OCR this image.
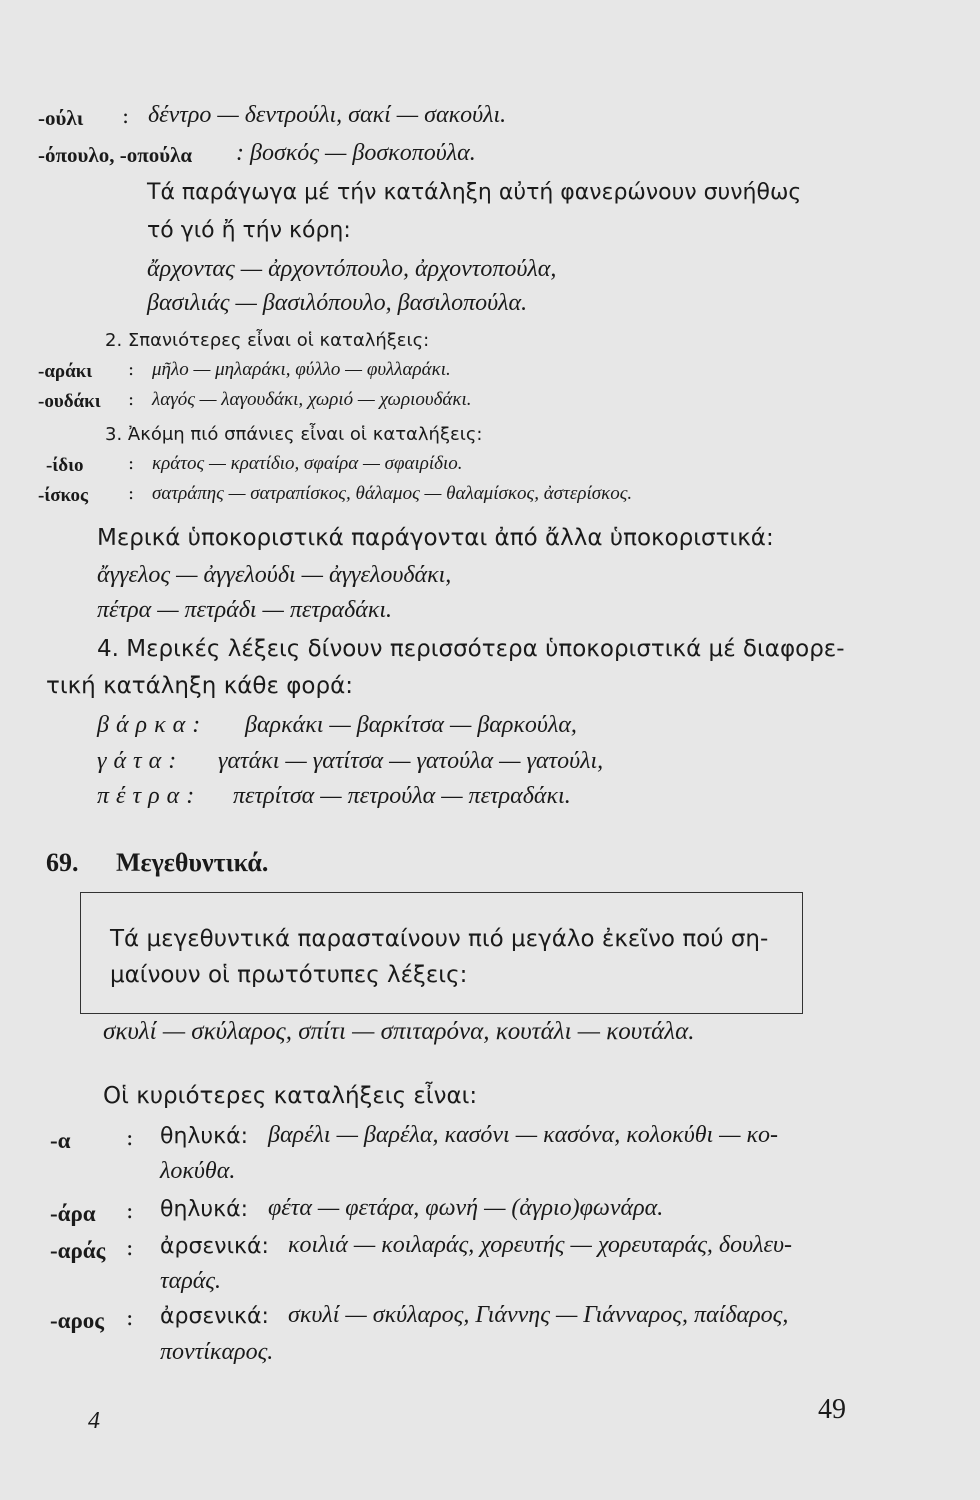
-ούλι : δέντρο — δεντρούλι, σακί — σακούλι.
-όπουλο, -οπούλα : βοσκός — βοσκοπούλα.
Τά παράγωγα μέ τήν κατάληξη αὐτή φανερώνουν συνήθως
τό γιό ἤ τήν κόρη:
ἄρχοντας — ἀρχοντόπουλο, ἀρχοντοπούλα,
βασιλιάς — βασιλόπουλο, βασιλοπούλα.
2. Σπανιότερες εἶναι οἱ καταλήξεις:
-αράκι : μῆλο — μηλαράκι, φύλλο — φυλλαράκι.
-ουδάκι : λαγός — λαγουδάκι, χωριό — χωριουδάκι.
3. Ἀκόμη πιό σπάνιες εἶναι οἱ καταλήξεις:
-ίδιο : κράτος — κρατίδιο, σφαίρα — σφαιρίδιο.
-ίσκος : σατράπης — σατραπίσκος, θάλαμος — θαλαμίσκος, ἀστερίσκος.
Μερικά ὑποκοριστικά παράγονται ἀπό ἄλλα ὑποκοριστικά:
ἄγγελος — ἀγγελούδι — ἀγγελουδάκι,
πέτρα — πετράδι — πετραδάκι.
4. Μερικές λέξεις δίνουν περισσότερα ὑποκοριστικά μέ διαφορε-
τική κατάληξη κάθε φορά:
βάρκα: βαρκάκι — βαρκίτσα — βαρκούλα,
γάτα: γατάκι — γατίτσα — γατούλα — γατούλι,
πέτρα: πετρίτσα — πετρούλα — πετραδάκι.
69. Μεγεθυντικά.
Τά μεγεθυντικά παρασταίνουν πιό μεγάλο ἐκεῖνο πού ση-
μαίνουν οἱ πρωτότυπες λέξεις:
σκυλί — σκύλαρος, σπίτι — σπιταρόνα, κουτάλι — κουτάλα.
Οἱ κυριότερες καταλήξεις εἶναι:
-α	: θηλυκά: βαρέλι — βαρέλα, κασόνι — κασόνα, κολοκύθι — κο-
λοκύθα.
-άρα : θηλυκά: φέτα — φετάρα, φωνή — (ἀγριο)φωνάρα.
-αράς : ἀρσενικά: κοιλιά — κοιλαράς, χορευτής — χορευταράς, δουλευ-
ταράς.
-αρος : ἀρσενικά: σκυλί — σκύλαρος, Γιάννης — Γιάνναρος, παίδαρος,
ποντίκαρος.
4	49
